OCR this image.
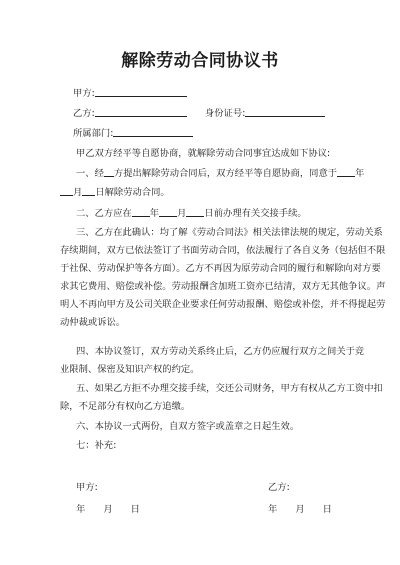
解除劳动合同协议书
甲方:
乙方:	身份证号:
所属部门:
甲乙双方经平等自愿协商，就解除劳动合同事宜达成如下协议:
一、经 方提出解除劳动合同后，双方经平等自愿协商，同意于 年
月 日解除劳动合同。
二、乙方应在 年 月 日前办理有关交接手续。
三、乙方在此确认：均了解《劳动合同法》相关法律法规的规定，劳动关系
存续期间，双方已依法签订了书面劳动合同，依法履行了各自义务（包括但不限
于社保、劳动保护等各方面）。乙方不再因为原劳动合同的履行和解除向对方要
求其它费用、赔偿或补偿。劳动报酬含加班工资亦已结清，双方无其他争议。声
明人不再向甲方及公司关联企业要求任何劳动报酬、赔偿或补偿，并不得提起劳
动仲裁或诉讼。
四、本协议签订，双方劳动关系终止后，乙方仍应履行双方之间关于竞
业限制、保密及知识产权的约定。
五、如果乙方拒不办理交接手续，交还公司财务，甲方有权从乙方工资中扣
除，不足部分有权向乙方追缴。
六、本协议一式两份，自双方签字或盖章之日起生效。
七：补充:
甲方:	乙方:
年 月 日	年 月 日
